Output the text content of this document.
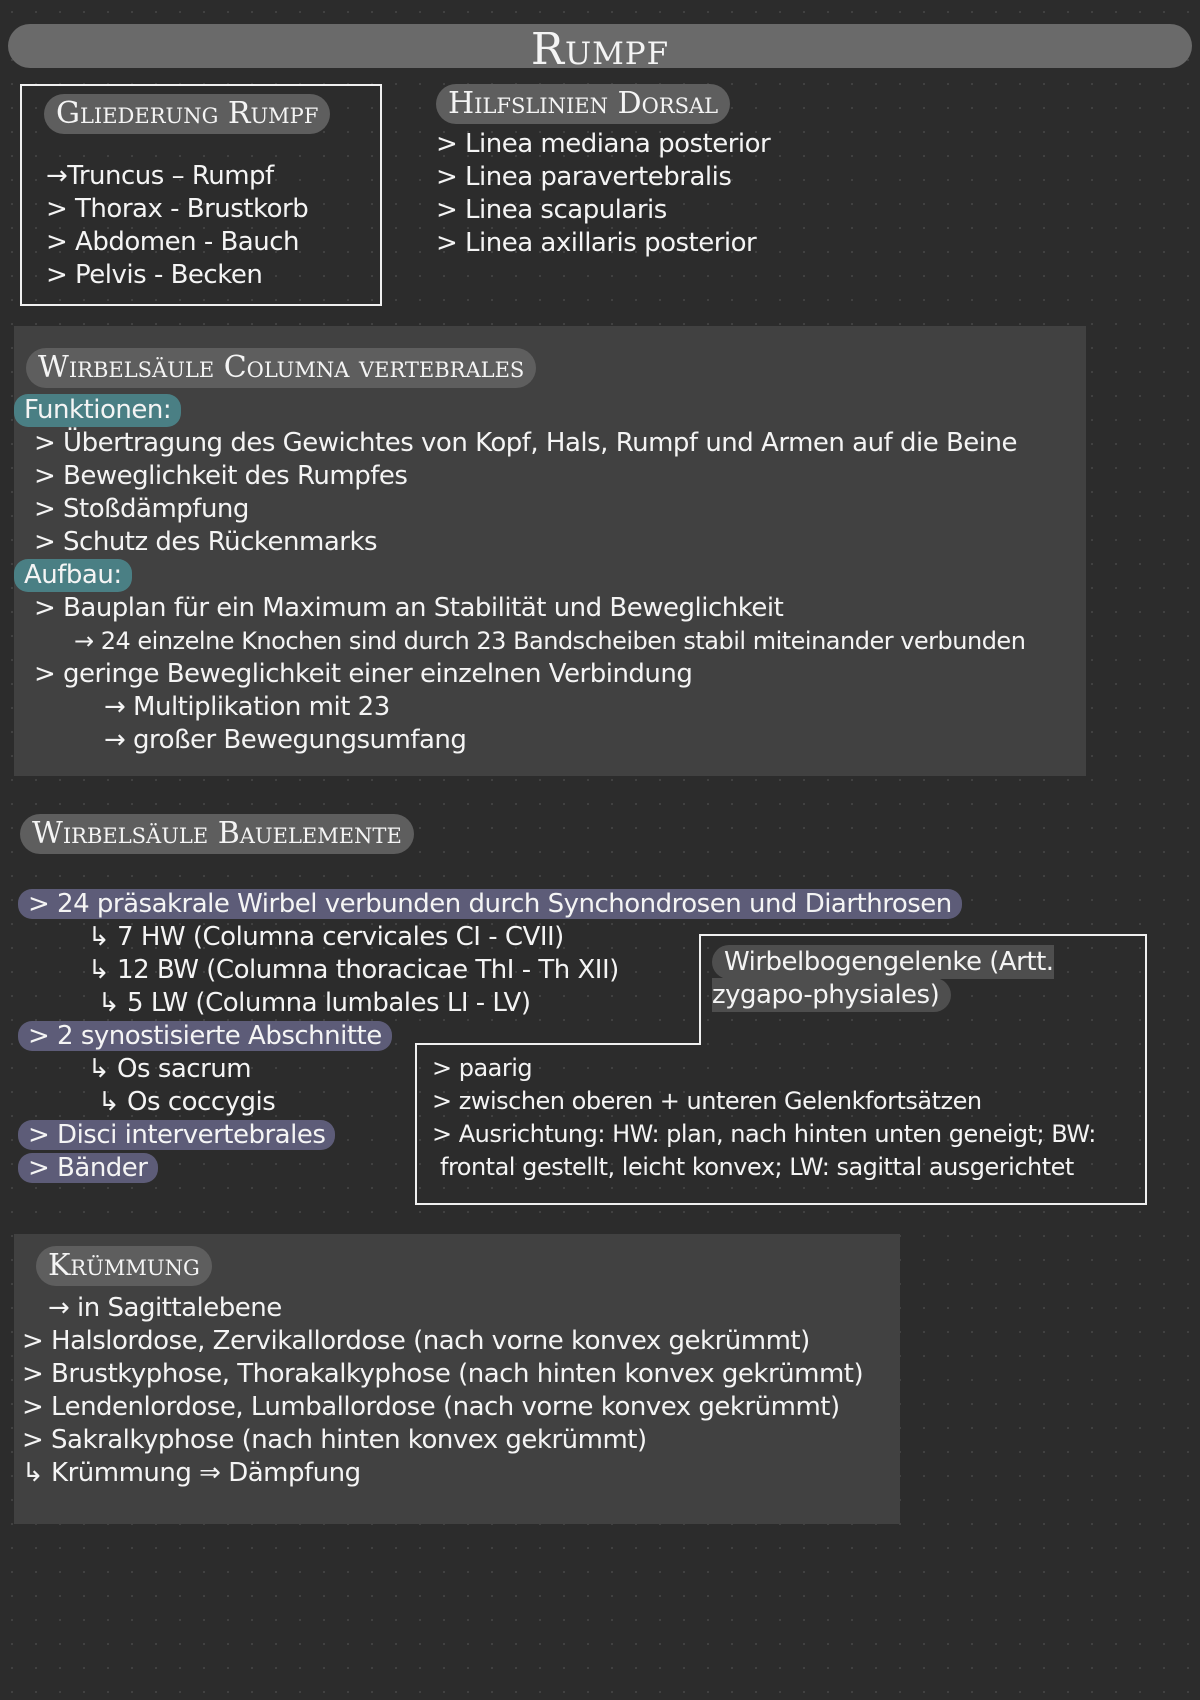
Rumpf
Gliederung Rumpf
→Truncus – Rumpf
> Thorax - Brustkorb
> Abdomen - Bauch
> Pelvis - Becken
Hilfslinien Dorsal
> Linea mediana posterior
> Linea paravertebralis
> Linea scapularis
> Linea axillaris posterior
Wirbelsäule Columna vertebrales
Funktionen:
> Übertragung des Gewichtes von Kopf, Hals, Rumpf und Armen auf die Beine
> Beweglichkeit des Rumpfes
> Stoßdämpfung
> Schutz des Rückenmarks
Aufbau:
> Bauplan für ein Maximum an Stabilität und Beweglichkeit
→ 24 einzelne Knochen sind durch 23 Bandscheiben stabil miteinander verbunden
> geringe Beweglichkeit einer einzelnen Verbindung
→ Multiplikation mit 23
→ großer Bewegungsumfang
Wirbelsäule Bauelemente
> 24 präsakrale Wirbel verbunden durch Synchondrosen und Diarthrosen
↳ 7 HW (Columna cervicales CI - CVII)
↳ 12 BW (Columna thoracicae ThI - Th XII)
↳ 5 LW (Columna lumbales LI - LV)
> 2 synostisierte Abschnitte
↳ Os sacrum
↳ Os coccygis
> Disci intervertebrales
> Bänder
Wirbelbogengelenke (Artt. zygapo-physiales)
> paarig
> zwischen oberen + unteren Gelenkfortsätzen
> Ausrichtung: HW: plan, nach hinten unten geneigt; BW:
frontal gestellt, leicht konvex; LW: sagittal ausgerichtet
Krümmung
→ in Sagittalebene
> Halslordose, Zervikallordose (nach vorne konvex gekrümmt)
> Brustkyphose, Thorakalkyphose (nach hinten konvex gekrümmt)
> Lendenlordose, Lumballordose (nach vorne konvex gekrümmt)
> Sakralkyphose (nach hinten konvex gekrümmt)
↳ Krümmung ⇒ Dämpfung
